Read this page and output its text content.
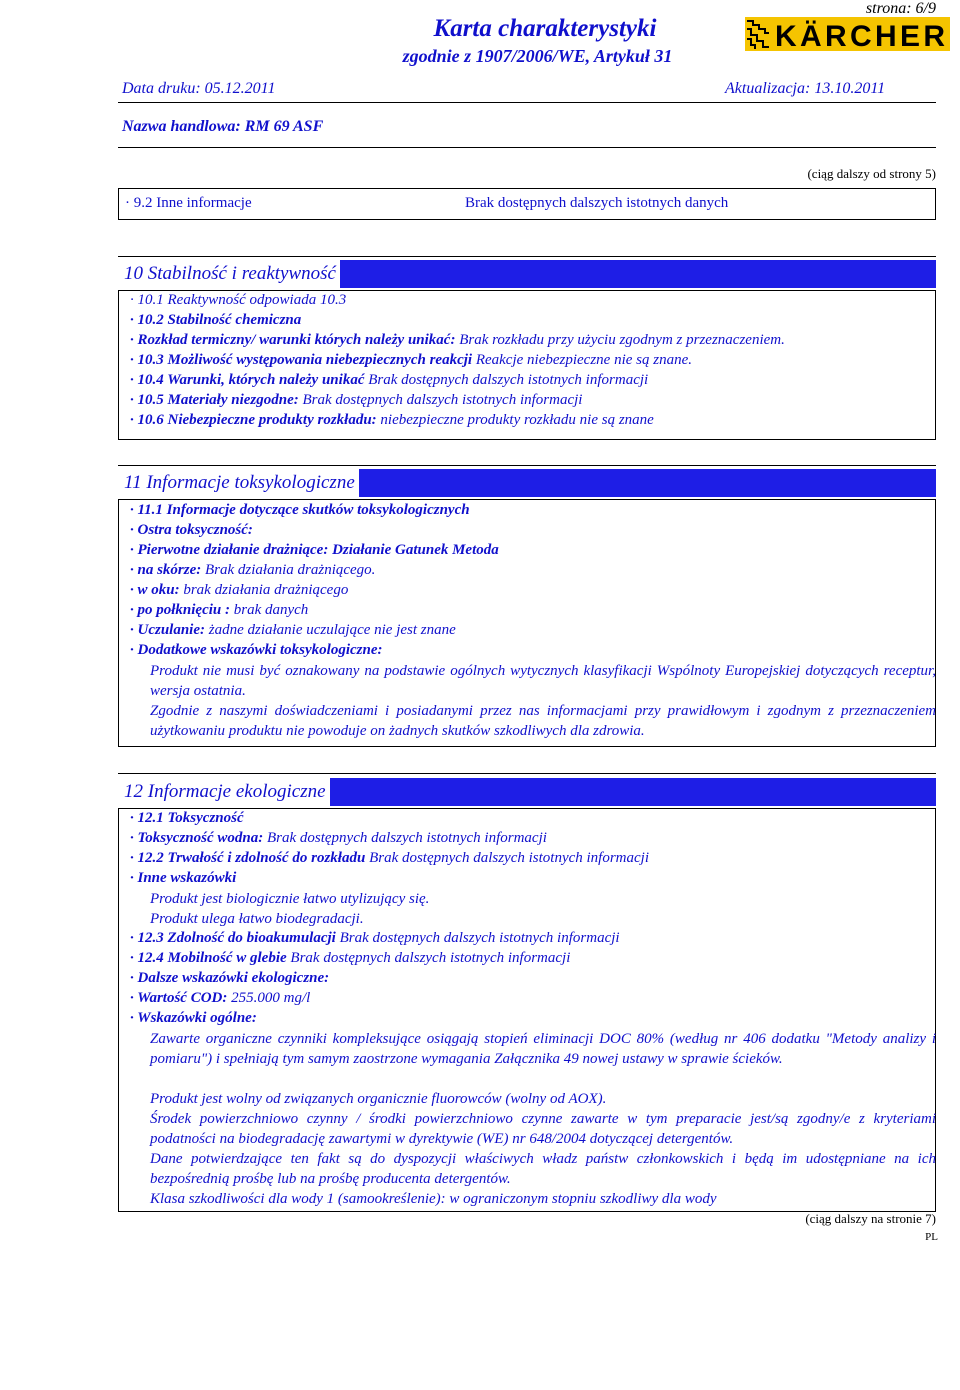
strona: 6/9
Karta charakterystyki
zgodnie z 1907/2006/WE, Artykuł 31
KÄRCHER
Data druku: 05.12.2011	Aktualizacja: 13.10.2011
Nazwa handlowa: RM 69 ASF
(ciąg dalszy od strony 5)
· 9.2 Inne informacje	Brak dostępnych dalszych istotnych danych
10 Stabilność i reaktywność
· 10.1 Reaktywność odpowiada 10.3
· 10.2 Stabilność chemiczna
· Rozkład termiczny/ warunki których należy unikać: Brak rozkładu przy użyciu zgodnym z przeznaczeniem.
· 10.3 Możliwość występowania niebezpiecznych reakcji Reakcje niebezpieczne nie są znane.
· 10.4 Warunki, których należy unikać Brak dostępnych dalszych istotnych informacji
· 10.5 Materiały niezgodne: Brak dostępnych dalszych istotnych informacji
· 10.6 Niebezpieczne produkty rozkładu: niebezpieczne produkty rozkładu nie są znane
11 Informacje toksykologiczne
· 11.1 Informacje dotyczące skutków toksykologicznych
· Ostra toksyczność:
· Pierwotne działanie drażniące: Działanie Gatunek Metoda
· na skórze: Brak działania drażniącego.
· w oku: brak działania drażniącego
· po połknięciu : brak danych
· Uczulanie: żadne działanie uczulające nie jest znane
· Dodatkowe wskazówki toksykologiczne:
Produkt nie musi być oznakowany na podstawie ogólnych wytycznych klasyfikacji Wspólnoty Europejskiej dotyczących receptur, wersja ostatnia.
Zgodnie z naszymi doświadczeniami i posiadanymi przez nas informacjami przy prawidłowym i zgodnym z przeznaczeniem użytkowaniu produktu nie powoduje on żadnych skutków szkodliwych dla zdrowia.
12 Informacje ekologiczne
· 12.1 Toksyczność
· Toksyczność wodna: Brak dostępnych dalszych istotnych informacji
· 12.2 Trwałość i zdolność do rozkładu Brak dostępnych dalszych istotnych informacji
· Inne wskazówki
Produkt jest biologicznie łatwo utylizujący się.
Produkt ulega łatwo biodegradacji.
· 12.3 Zdolność do bioakumulacji Brak dostępnych dalszych istotnych informacji
· 12.4 Mobilność w glebie Brak dostępnych dalszych istotnych informacji
· Dalsze wskazówki ekologiczne:
· Wartość COD: 255.000 mg/l
· Wskazówki ogólne:
Zawarte organiczne czynniki kompleksujące osiągają stopień eliminacji DOC 80% (według nr 406 dodatku "Metody analizy i pomiaru") i spełniają tym samym zaostrzone wymagania Załącznika 49 nowej ustawy w sprawie ścieków.
Produkt jest wolny od związanych organicznie fluorowców (wolny od AOX).
Środek powierzchniowo czynny / środki powierzchniowo czynne zawarte w tym preparacie jest/są zgodny/e z kryteriami podatności na biodegradację zawartymi w dyrektywie (WE) nr 648/2004 dotyczącej detergentów.
Dane potwierdzające ten fakt są do dyspozycji właściwych władz państw członkowskich i będą im udostępniane na ich bezpośrednią prośbę lub na prośbę producenta detergentów.
Klasa szkodliwości dla wody 1 (samookreślenie): w ograniczonym stopniu szkodliwy dla wody
(ciąg dalszy na stronie 7)
PL
